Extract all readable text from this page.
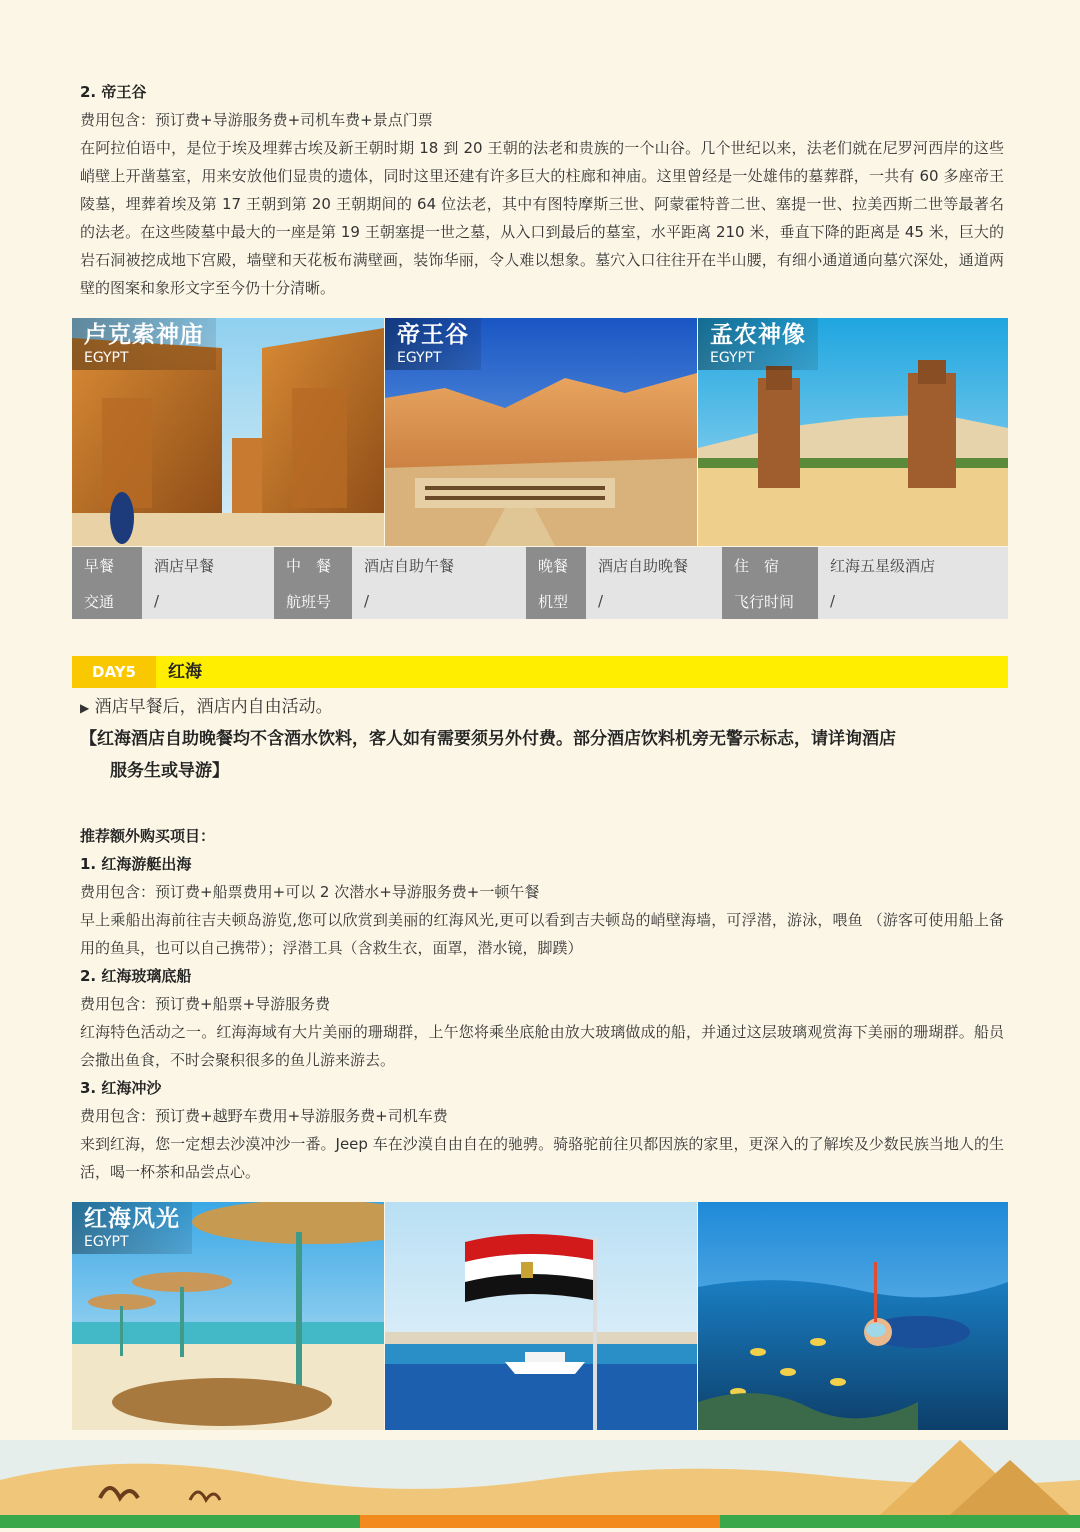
2. 帝王谷
费用包含：预订费+导游服务费+司机车费+景点门票
在阿拉伯语中，是位于埃及埋葬古埃及新王朝时期 18 到 20 王朝的法老和贵族的一个山谷。几个世纪以来，法老们就在尼罗河西岸的这些峭壁上开凿墓室，用来安放他们显贵的遗体，同时这里还建有许多巨大的柱廊和神庙。这里曾经是一处雄伟的墓葬群，一共有 60 多座帝王陵墓，埋葬着埃及第 17 王朝到第 20 王朝期间的 64 位法老，其中有图特摩斯三世、阿蒙霍特普二世、塞提一世、拉美西斯二世等最著名的法老。在这些陵墓中最大的一座是第 19 王朝塞提一世之墓，从入口到最后的墓室，水平距离 210 米，垂直下降的距离是 45 米，巨大的岩石洞被挖成地下宫殿，墙壁和天花板布满壁画，装饰华丽，令人难以想象。墓穴入口往往开在半山腰，有细小通道通向墓穴深处，通道两壁的图案和象形文字至今仍十分清晰。
卢克索神庙
EGYPT
帝王谷
EGYPT
孟农神像
EGYPT
早餐	酒店早餐	中　餐	酒店自助午餐	晚餐	酒店自助晚餐	住　宿	红海五星级酒店
交通	/	航班号	/	机型	/	飞行时间	/
DAY5	红海
▶ 酒店早餐后，酒店内自由活动。
【红海酒店自助晚餐均不含酒水饮料，客人如有需要须另外付费。部分酒店饮料机旁无警示标志，请详询酒店
服务生或导游】
推荐额外购买项目：
1. 红海游艇出海
费用包含：预订费+船票费用+可以 2 次潜水+导游服务费+一顿午餐
早上乘船出海前往吉夫顿岛游览,您可以欣赏到美丽的红海风光,更可以看到吉夫顿岛的峭壁海墙，可浮潜，游泳，喂鱼 （游客可使用船上备用的鱼具，也可以自己携带）；浮潜工具（含救生衣，面罩，潜水镜，脚蹼）
2. 红海玻璃底船
费用包含：预订费+船票+导游服务费
红海特色活动之一。红海海域有大片美丽的珊瑚群，上午您将乘坐底舱由放大玻璃做成的船，并通过这层玻璃观赏海下美丽的珊瑚群。船员会撒出鱼食，不时会聚积很多的鱼儿游来游去。
3. 红海冲沙
费用包含：预订费+越野车费用+导游服务费+司机车费
来到红海，您一定想去沙漠冲沙一番。Jeep 车在沙漠自由自在的驰骋。骑骆驼前往贝都因族的家里，更深入的了解埃及少数民族当地人的生活，喝一杯茶和品尝点心。
红海风光
EGYPT
